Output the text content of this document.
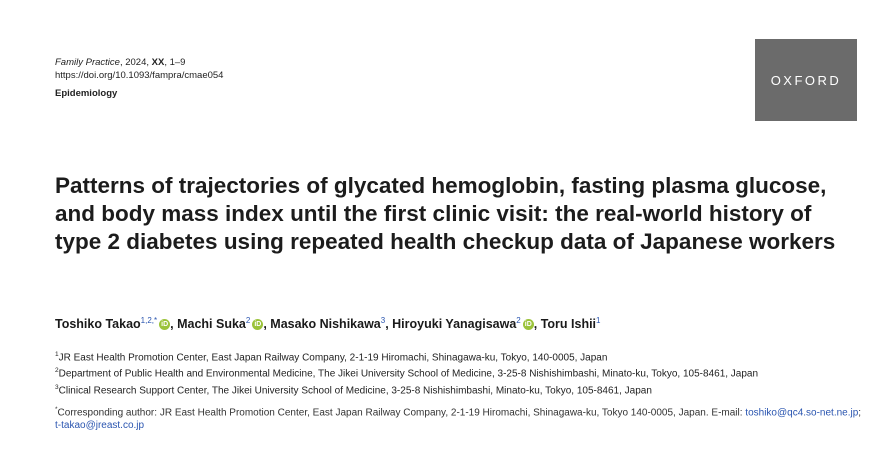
Family Practice, 2024, XX, 1–9
https://doi.org/10.1093/fampra/cmae054
Epidemiology
OXFORD
Patterns of trajectories of glycated hemoglobin, fasting plasma glucose, and body mass index until the first clinic visit: the real-world history of type 2 diabetes using repeated health checkup data of Japanese workers
Toshiko Takao$^{1,2,*}$ iD , Machi Suka$^2$ iD , Masako Nishikawa$^3$, Hiroyuki Yanagisawa$^2$ iD , Toru Ishii$^1$
$^1$JR East Health Promotion Center, East Japan Railway Company, 2-1-19 Hiromachi, Shinagawa-ku, Tokyo, 140-0005, Japan
$^2$Department of Public Health and Environmental Medicine, The Jikei University School of Medicine, 3-25-8 Nishishimbashi, Minato-ku, Tokyo, 105-8461, Japan
$^3$Clinical Research Support Center, The Jikei University School of Medicine, 3-25-8 Nishishimbashi, Minato-ku, Tokyo, 105-8461, Japan
*Corresponding author: JR East Health Promotion Center, East Japan Railway Company, 2-1-19 Hiromachi, Shinagawa-ku, Tokyo 140-0005, Japan. E-mail: toshiko@qc4.so-net.ne.jp; t-takao@jreast.co.jp
